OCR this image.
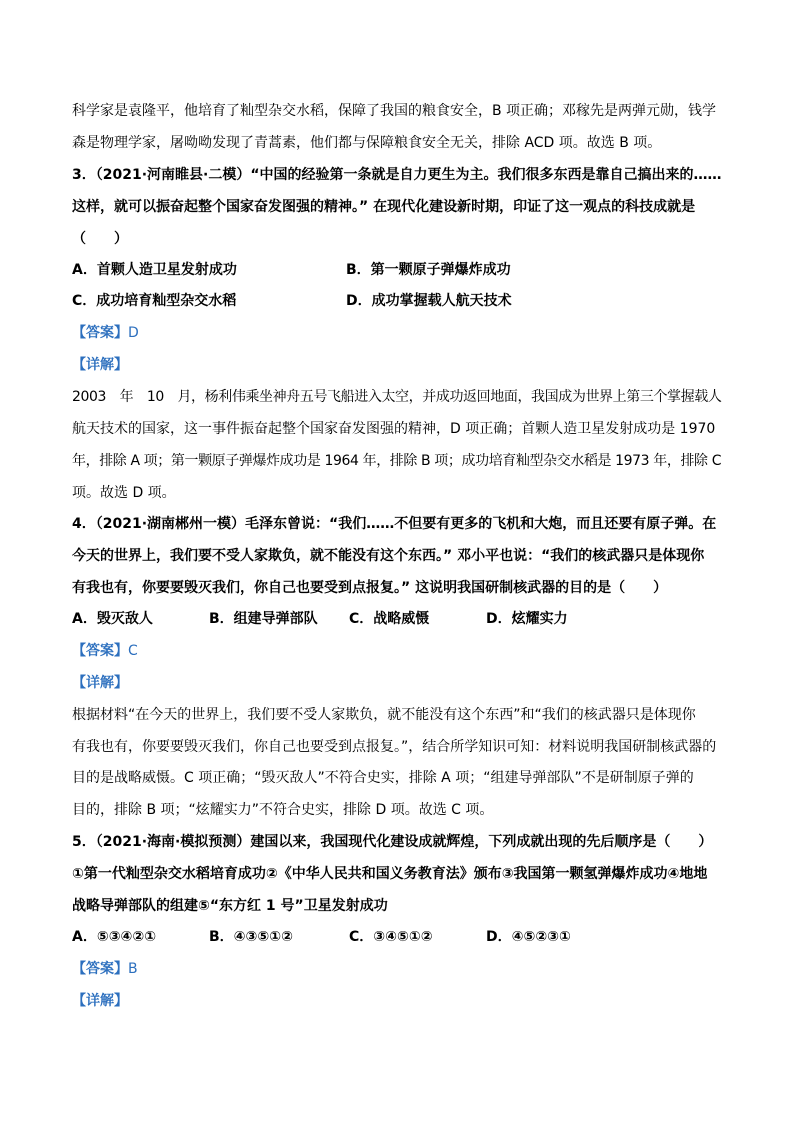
科学家是袁隆平，他培育了籼型杂交水稻，保障了我国的粮食安全，B 项正确；邓稼先是两弹元勋，钱学
森是物理学家，屠呦呦发现了青蒿素，他们都与保障粮食安全无关，排除 ACD 项。故选 B 项。
3．（2021·河南睢县·二模）“中国的经验第一条就是自力更生为主。我们很多东西是靠自己搞出来的……
这样，就可以振奋起整个国家奋发图强的精神。” 在现代化建设新时期，印证了这一观点的科技成就是
（　　）
A．首颗人造卫星发射成功	B．第一颗原子弹爆炸成功
C．成功培育籼型杂交水稻	D．成功掌握载人航天技术
【答案】D
【详解】
2003　年　10　月，杨利伟乘坐神舟五号飞船进入太空，并成功返回地面，我国成为世界上第三个掌握载人
航天技术的国家，这一事件振奋起整个国家奋发图强的精神，D 项正确；首颗人造卫星发射成功是 1970
年，排除 A 项；第一颗原子弹爆炸成功是 1964 年，排除 B 项；成功培育籼型杂交水稻是 1973 年，排除 C
项。故选 D 项。
4．（2021·湖南郴州一模）毛泽东曾说：“我们……不但要有更多的飞机和大炮，而且还要有原子弹。在
今天的世界上，我们要不受人家欺负，就不能没有这个东西。” 邓小平也说：“我们的核武器只是体现你
有我也有，你要要毁灭我们，你自己也要受到点报复。” 这说明我国研制核武器的目的是（　　）
A．毁灭敌人	B．组建导弹部队 C．战略威慑	D．炫耀实力
【答案】C
【详解】
根据材料“在今天的世界上，我们要不受人家欺负，就不能没有这个东西”和“我们的核武器只是体现你
有我也有，你要要毁灭我们，你自己也要受到点报复。”，结合所学知识可知：材料说明我国研制核武器的
目的是战略威慑。C 项正确；“毁灭敌人”不符合史实，排除 A 项；“组建导弹部队”不是研制原子弹的
目的，排除 B 项；“炫耀实力”不符合史实，排除 D 项。故选 C 项。
5．（2021·海南·模拟预测）建国以来，我国现代化建设成就辉煌，下列成就出现的先后顺序是（　　）
①第一代籼型杂交水稻培育成功②《中华人民共和国义务教育法》颁布③我国第一颗氢弹爆炸成功④地地
战略导弹部队的组建⑤“东方红 1 号”卫星发射成功
A．⑤③④②①	B．④③⑤①②	C．③④⑤①②	D．④⑤②③①
【答案】B
【详解】
